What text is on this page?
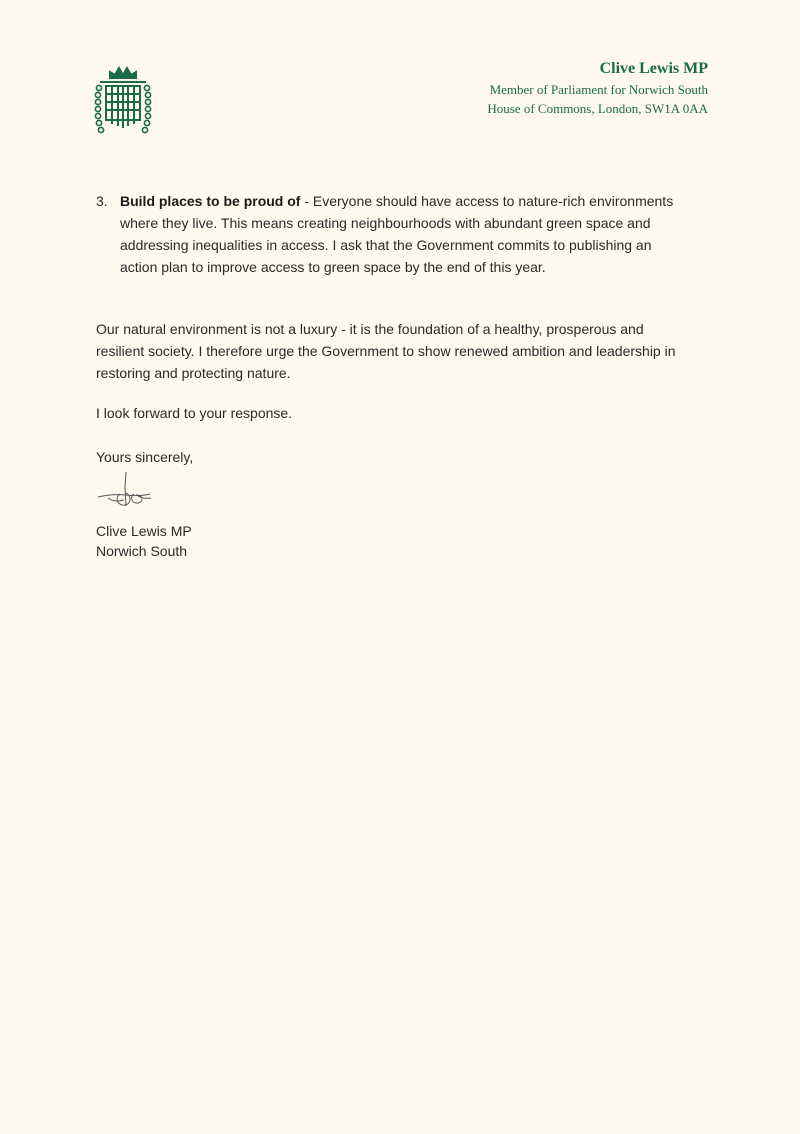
Clive Lewis MP
Member of Parliament for Norwich South
House of Commons, London, SW1A 0AA
3. Build places to be proud of - Everyone should have access to nature-rich environments where they live. This means creating neighbourhoods with abundant green space and addressing inequalities in access. I ask that the Government commits to publishing an action plan to improve access to green space by the end of this year.
Our natural environment is not a luxury - it is the foundation of a healthy, prosperous and resilient society. I therefore urge the Government to show renewed ambition and leadership in restoring and protecting nature.
I look forward to your response.
Yours sincerely,
Clive Lewis MP
Norwich South
